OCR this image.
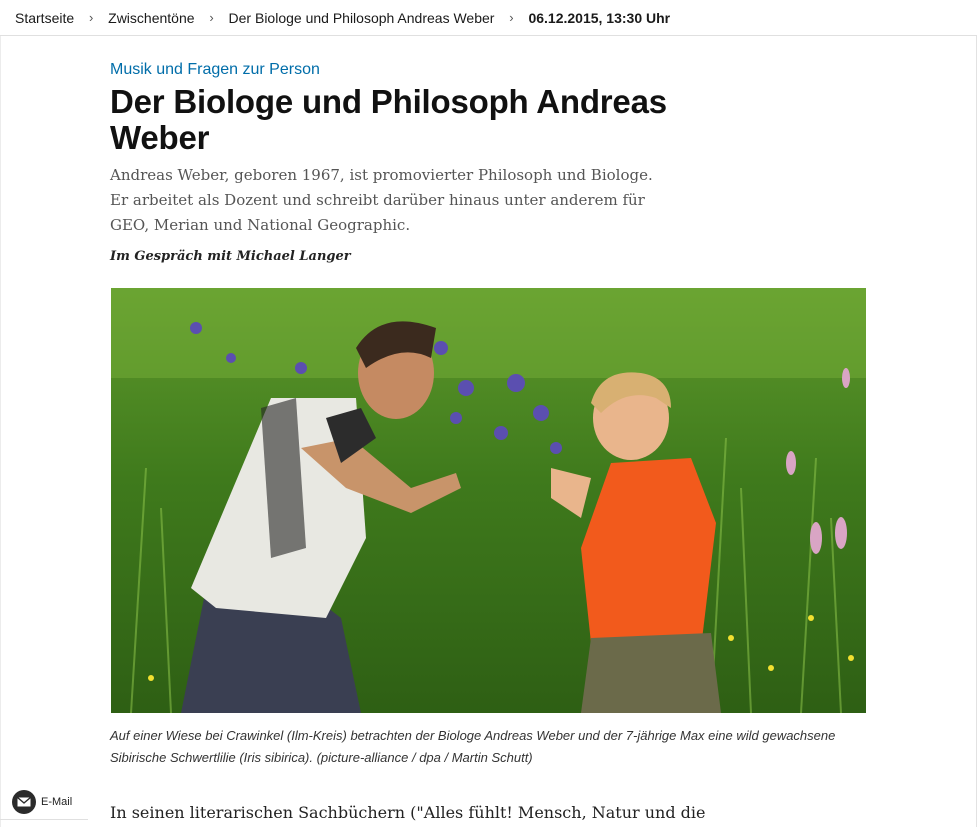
Startseite	›	Zwischentöne	›	Der Biologe und Philosoph Andreas Weber	›	06.12.2015, 13:30 Uhr
Musik und Fragen zur Person
Der Biologe und Philosoph Andreas Weber

Andreas Weber, geboren 1967, ist promovierter Philosoph und Biologe. Er arbeitet als Dozent und schreibt darüber hinaus unter anderem für GEO, Merian und National Geographic.

Im Gespräch mit Michael Langer

Auf einer Wiese bei Crawinkel (Ilm-Kreis) betrachten der Biologe Andreas Weber und der 7-jährige Max eine wild gewachsene Sibirische Schwertlilie (Iris sibirica). (picture-alliance / dpa / Martin Schutt)

In seinen literarischen Sachbüchern ("Alles fühlt! Mensch, Natur und die

E-Mail
